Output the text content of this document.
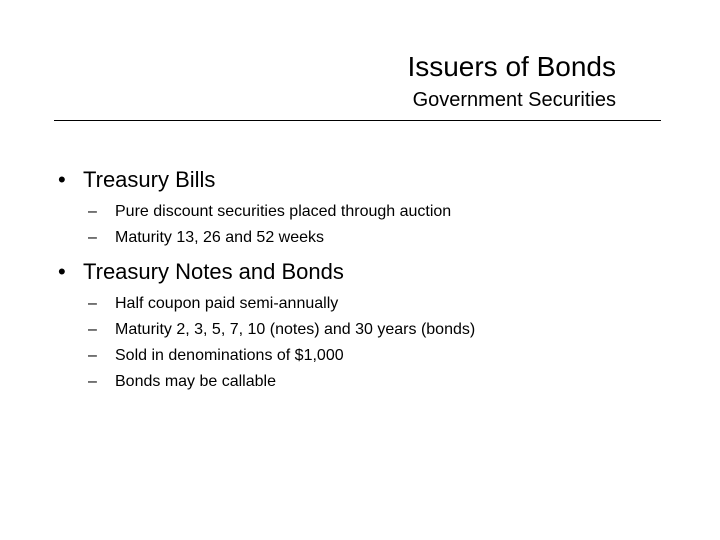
Issuers of Bonds
Government Securities
• Treasury Bills
– Pure discount securities placed through auction
– Maturity 13, 26 and 52 weeks
• Treasury Notes and Bonds
– Half coupon paid semi-annually
– Maturity 2, 3, 5, 7, 10 (notes) and 30 years (bonds)
– Sold in denominations of $1,000
– Bonds may be callable
